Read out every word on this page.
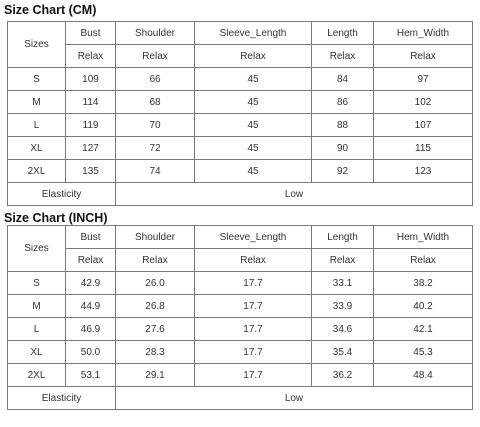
Size Chart (CM)
Sizes	Bust	Shoulder	Sleeve_Length	Length	Hem_Width
	Relax	Relax	Relax	Relax	Relax
S	109	66	45	84	97
M	114	68	45	86	102
L	119	70	45	88	107
XL	127	72	45	90	115
2XL	135	74	45	92	123
Elasticity		Low			
Size Chart (INCH)
Sizes	Bust	Shoulder	Sleeve_Length	Length	Hem_Width
	Relax	Relax	Relax	Relax	Relax
S	42.9	26.0	17.7	33.1	38.2
M	44.9	26.8	17.7	33.9	40.2
L	46.9	27.6	17.7	34.6	42.1
XL	50.0	28.3	17.7	35.4	45.3
2XL	53.1	29.1	17.7	36.2	48.4
Elasticity		Low			
